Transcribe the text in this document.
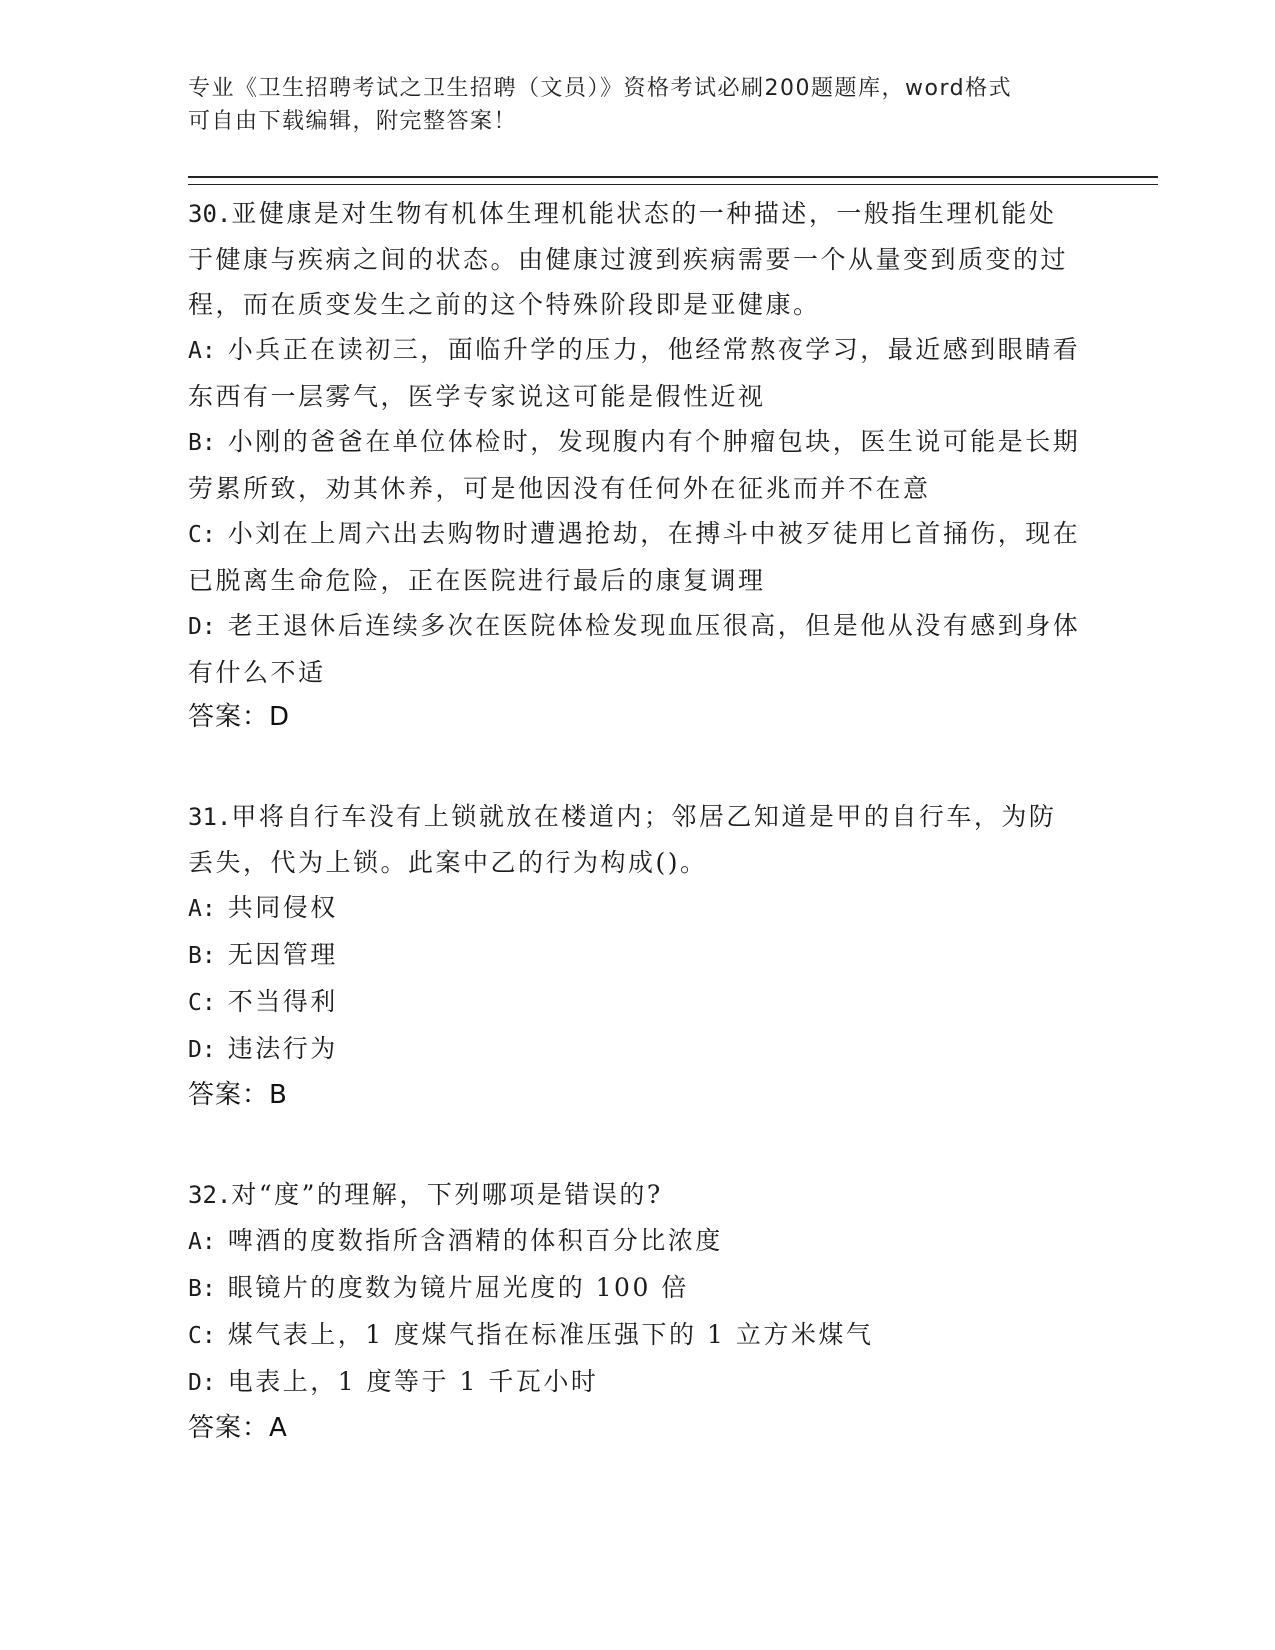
专业《卫生招聘考试之卫生招聘（文员）》资格考试必刷200题题库，word格式
可自由下载编辑，附完整答案！
30.亚健康是对生物有机体生理机能状态的一种描述，一般指生理机能处于健康与疾病之间的状态。由健康过渡到疾病需要一个从量变到质变的过程，而在质变发生之前的这个特殊阶段即是亚健康。
A: 小兵正在读初三，面临升学的压力，他经常熬夜学习，最近感到眼睛看东西有一层雾气，医学专家说这可能是假性近视
B: 小刚的爸爸在单位体检时，发现腹内有个肿瘤包块，医生说可能是长期劳累所致，劝其休养，可是他因没有任何外在征兆而并不在意
C: 小刘在上周六出去购物时遭遇抢劫，在搏斗中被歹徒用匕首捅伤，现在已脱离生命危险，正在医院进行最后的康复调理
D: 老王退休后连续多次在医院体检发现血压很高，但是他从没有感到身体有什么不适
答案：D
31.甲将自行车没有上锁就放在楼道内；邻居乙知道是甲的自行车，为防丢失，代为上锁。此案中乙的行为构成()。
A: 共同侵权
B: 无因管理
C: 不当得利
D: 违法行为
答案：B
32.对“度”的理解，下列哪项是错误的?
A: 啤酒的度数指所含酒精的体积百分比浓度
B: 眼镜片的度数为镜片屈光度的 100 倍
C: 煤气表上，1 度煤气指在标准压强下的 1 立方米煤气
D: 电表上，1 度等于 1 千瓦小时
答案：A
